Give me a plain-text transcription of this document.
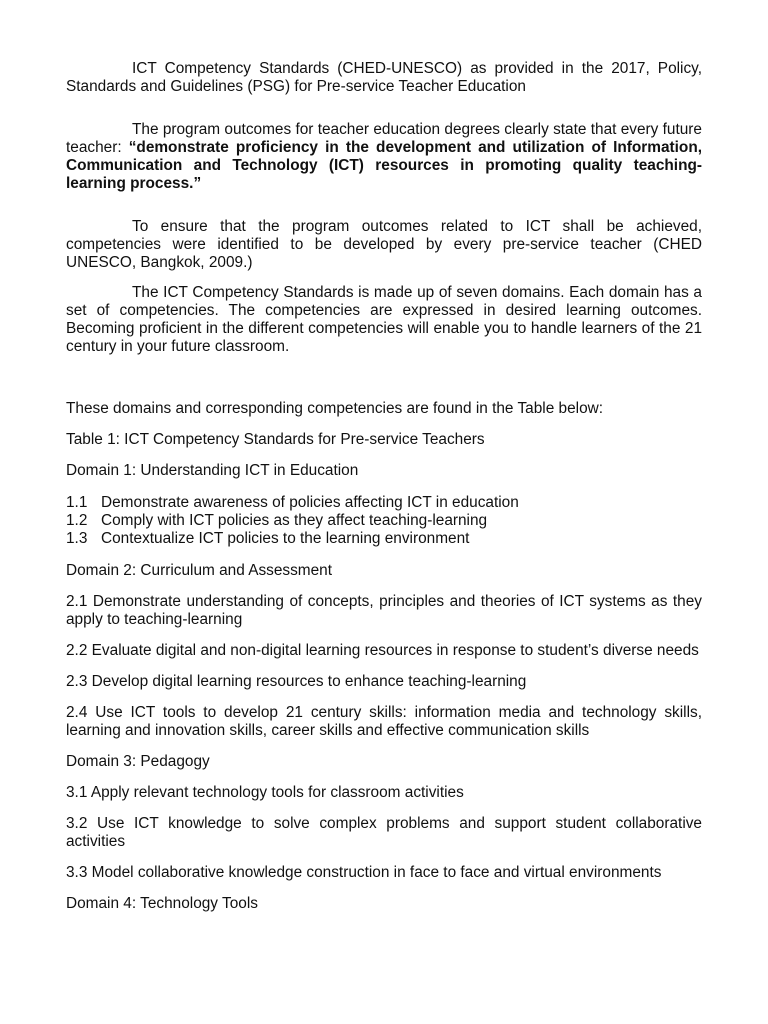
ICT Competency Standards (CHED-UNESCO) as provided in the 2017, Policy, Standards and Guidelines (PSG) for Pre-service Teacher Education

The program outcomes for teacher education degrees clearly state that every future teacher: “demonstrate proficiency in the development and utilization of Information, Communication and Technology (ICT) resources in promoting quality teaching-learning process.”

To ensure that the program outcomes related to ICT shall be achieved, competencies were identified to be developed by every pre-service teacher (CHED UNESCO, Bangkok, 2009.)

The ICT Competency Standards is made up of seven domains. Each domain has a set of competencies. The competencies are expressed in desired learning outcomes. Becoming proficient in the different competencies will enable you to handle learners of the 21 century in your future classroom.

These domains and corresponding competencies are found in the Table below:

Table 1: ICT Competency Standards for Pre-service Teachers

Domain 1: Understanding ICT in Education

1.1 Demonstrate awareness of policies affecting ICT in education
1.2 Comply with ICT policies as they affect teaching-learning
1.3 Contextualize ICT policies to the learning environment

Domain 2: Curriculum and Assessment

2.1 Demonstrate understanding of concepts, principles and theories of ICT systems as they apply to teaching-learning

2.2 Evaluate digital and non-digital learning resources in response to student’s diverse needs

2.3 Develop digital learning resources to enhance teaching-learning

2.4 Use ICT tools to develop 21 century skills: information media and technology skills, learning and innovation skills, career skills and effective communication skills

Domain 3: Pedagogy

3.1 Apply relevant technology tools for classroom activities

3.2 Use ICT knowledge to solve complex problems and support student collaborative activities

3.3 Model collaborative knowledge construction in face to face and virtual environments

Domain 4: Technology Tools
